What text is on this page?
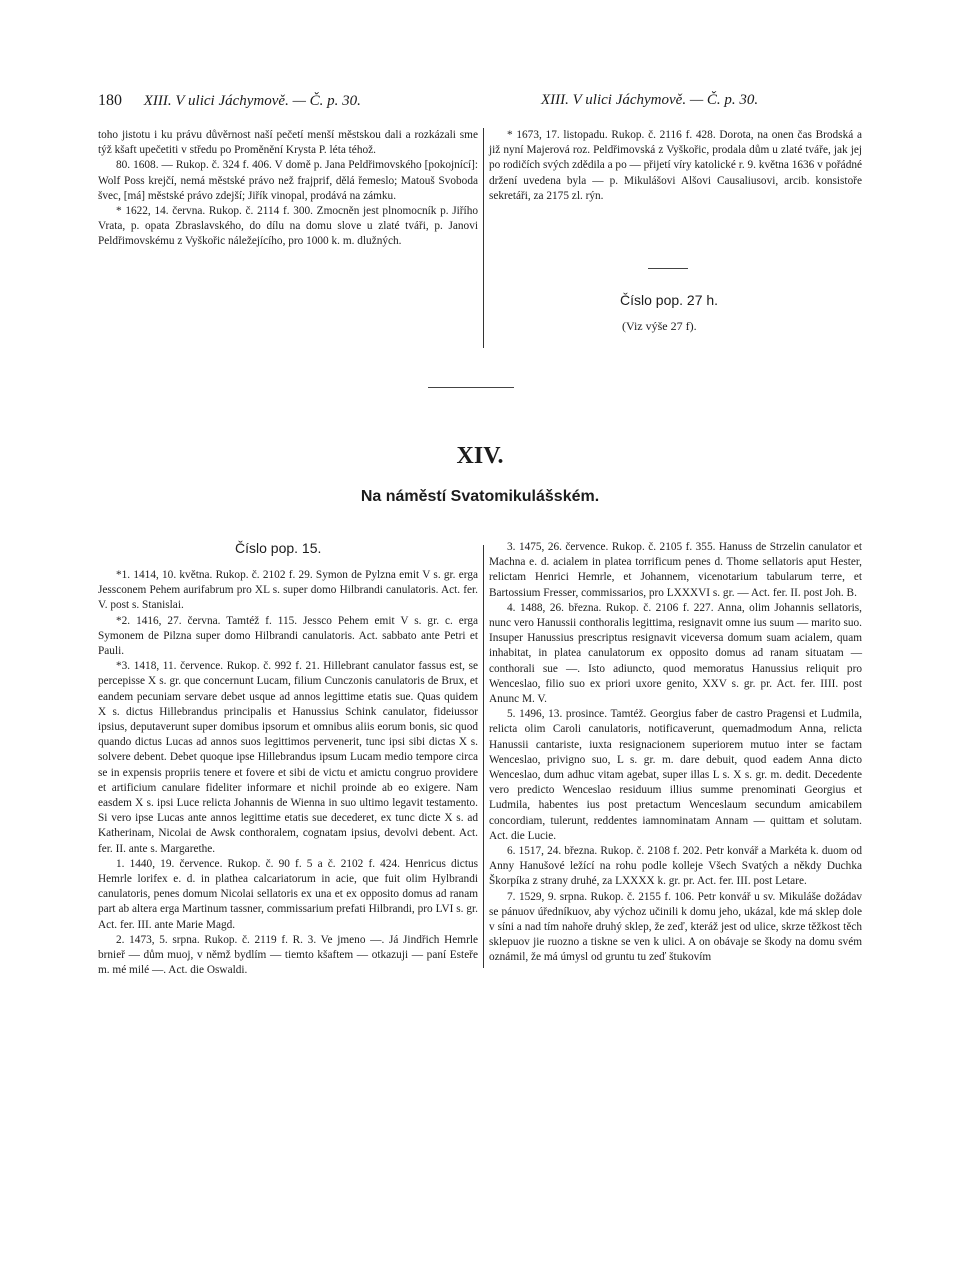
180 XIII. V ulici Jáchymově. — Č. p. 30.	XIII. V ulici Jáchymově. — Č. p. 30.

toho jistotu i ku právu důvěrnost naší pečetí menší městskou dali a rozkázali sme týž kšaft upečetiti v středu po Proměnění Krysta P. léta téhož.

80. 1608. — Rukop. č. 324 f. 406. V domě p. Jana Peldřimovského [pokojnící]: Wolf Poss krejčí, nemá městské právo než frajprif, dělá řemeslo; Matouš Svoboda švec, [má] městské právo zdejší; Jiřík vinopal, prodává na zámku.

* 1622, 14. června. Rukop. č. 2114 f. 300. Zmocněn jest plnomocník p. Jiřího Vrata, p. opata Zbraslavského, do dílu na domu slove u zlaté tváři, p. Janovi Peldřimovskému z Vyškořic náležejícího, pro 1000 k. m. dlužných.

* 1673, 17. listopadu. Rukop. č. 2116 f. 428. Dorota, na onen čas Brodská a již nyní Majerová roz. Peldřimovská z Vyškořic, prodala dům u zlaté tváře, jak jej po rodičích svých zdědila a po — přijetí víry katolické r. 9. května 1636 v pořádné držení uvedena byla — p. Mikulášovi Alšovi Causaliusovi, arcib. konsistoře sekretáři, za 2175 zl. rýn.

Číslo pop. 27 h.
(Viz výše 27 f).
XIV.
Na náměstí Svatomikulášském.
Číslo pop. 15.

*1. 1414, 10. května. Rukop. č. 2102 f. 29. Symon de Pylzna emit V s. gr. erga Jessconem Pehem aurifabrum pro XL s. super domo Hilbrandi canulatoris. Act. fer. V. post s. Stanislai.

*2. 1416, 27. června. Tamtéž f. 115. Jessco Pehem emit V s. gr. c. erga Symonem de Pilzna super domo Hilbrandi canulatoris. Act. sabbato ante Petri et Pauli.

*3. 1418, 11. července. Rukop. č. 992 f. 21. Hillebrant canulator fassus est, se percepisse X s. gr. que concernunt Lucam, filium Cunczonis canulatoris de Brux, et eandem pecuniam servare debet usque ad annos legittime etatis sue. Quas quidem X s. dictus Hillebrandus principalis et Hanussius Schink canulator, fideiussor ipsius, deputaverunt super domibus ipsorum et omnibus aliis eorum bonis, sic quod quando dictus Lucas ad annos suos legittimos pervenerit, tunc ipsi sibi dictas X s. solvere debent. Debet quoque ipse Hillebrandus ipsum Lucam medio tempore circa se in expensis propriis tenere et fovere et sibi de victu et amictu congruo providere et artificium canulare fideliter informare et nichil proinde ab eo exigere. Nam easdem X s. ipsi Luce relicta Johannis de Wienna in suo ultimo legavit testamento. Si vero ipse Lucas ante annos legittime etatis sue decederet, ex tunc dicte X s. ad Katherinam, Nicolai de Awsk conthoralem, cognatam ipsius, devolvi debent. Act. fer. II. ante s. Margarethe.

1. 1440, 19. července. Rukop. č. 90 f. 5 a č. 2102 f. 424. Henricus dictus Hemrle lorifex e. d. in plathea calcariatorum in acie, que fuit olim Hylbrandi canulatoris, penes domum Nicolai sellatoris ex una et ex opposito domus ad ranam part ab altera erga Martinum tassner, commissarium prefati Hilbrandi, pro LVI s. gr. Act. fer. III. ante Marie Magd.

2. 1473, 5. srpna. Rukop. č. 2119 f. R. 3. Ve jmeno —. Já Jindřich Hemrle brnieř — dům muoj, v němž bydlím — tiemto kšaftem — otkazuji — paní Esteře m. mé milé —. Act. die Oswaldi.

3. 1475, 26. července. Rukop. č. 2105 f. 355. Hanuss de Strzelin canulator et Machna e. d. acialem in platea torrificum penes d. Thome sellatoris aput Hester, relictam Henrici Hemrle, et Johannem, vicenotarium tabularum terre, et Bartossium Fresser, commissarios, pro LXXXVI s. gr. — Act. fer. II. post Joh. B.

4. 1488, 26. března. Rukop. č. 2106 f. 227. Anna, olim Johannis sellatoris, nunc vero Hanussii conthoralis legittima, resignavit omne ius suum — marito suo. Insuper Hanussius prescriptus resignavit viceversa domum suam acialem, quam inhabitat, in platea canulatorum ex opposito domus ad ranam situatam — conthorali sue —. Isto adiuncto, quod memoratus Hanussius reliquit pro Wenceslao, filio suo ex priori uxore genito, XXV s. gr. pr. Act. fer. IIII. post Anunc M. V.

5. 1496, 13. prosince. Tamtéž. Georgius faber de castro Pragensi et Ludmila, relicta olim Caroli canulatoris, notificaverunt, quemadmodum Anna, relicta Hanussii cantariste, iuxta resignacionem superiorem mutuo inter se factam Wenceslao, privigno suo, L s. gr. m. dare debuit, quod eadem Anna dicto Wenceslao, dum adhuc vitam agebat, super illas L s. X s. gr. m. dedit. Decedente vero predicto Wenceslao residuum illius summe prenominati Georgius et Ludmila, habentes ius post pretactum Wenceslaum secundum amicabilem concordiam, tulerunt, reddentes iamnominatam Annam — quittam et solutam. Act. die Lucie.

6. 1517, 24. března. Rukop. č. 2108 f. 202. Petr konvář a Markéta k. duom od Anny Hanušové ležící na rohu podle kolleje Všech Svatých a někdy Duchka Škorpíka z strany druhé, za LXXXX k. gr. pr. Act. fer. III. post Letare.

7. 1529, 9. srpna. Rukop. č. 2155 f. 106. Petr konvář u sv. Mikuláše dožádav se pánuov úředníkuov, aby výchoz učinili k domu jeho, ukázal, kde má sklep dole v síni a nad tím nahoře druhý sklep, že zeď, kteráž jest od ulice, skrze těžkost těch sklepuov jie ruozno a tiskne se ven k ulici. A on obávaje se škody na domu svém oznámil, že má úmysl od gruntu tu zeď štukovím
